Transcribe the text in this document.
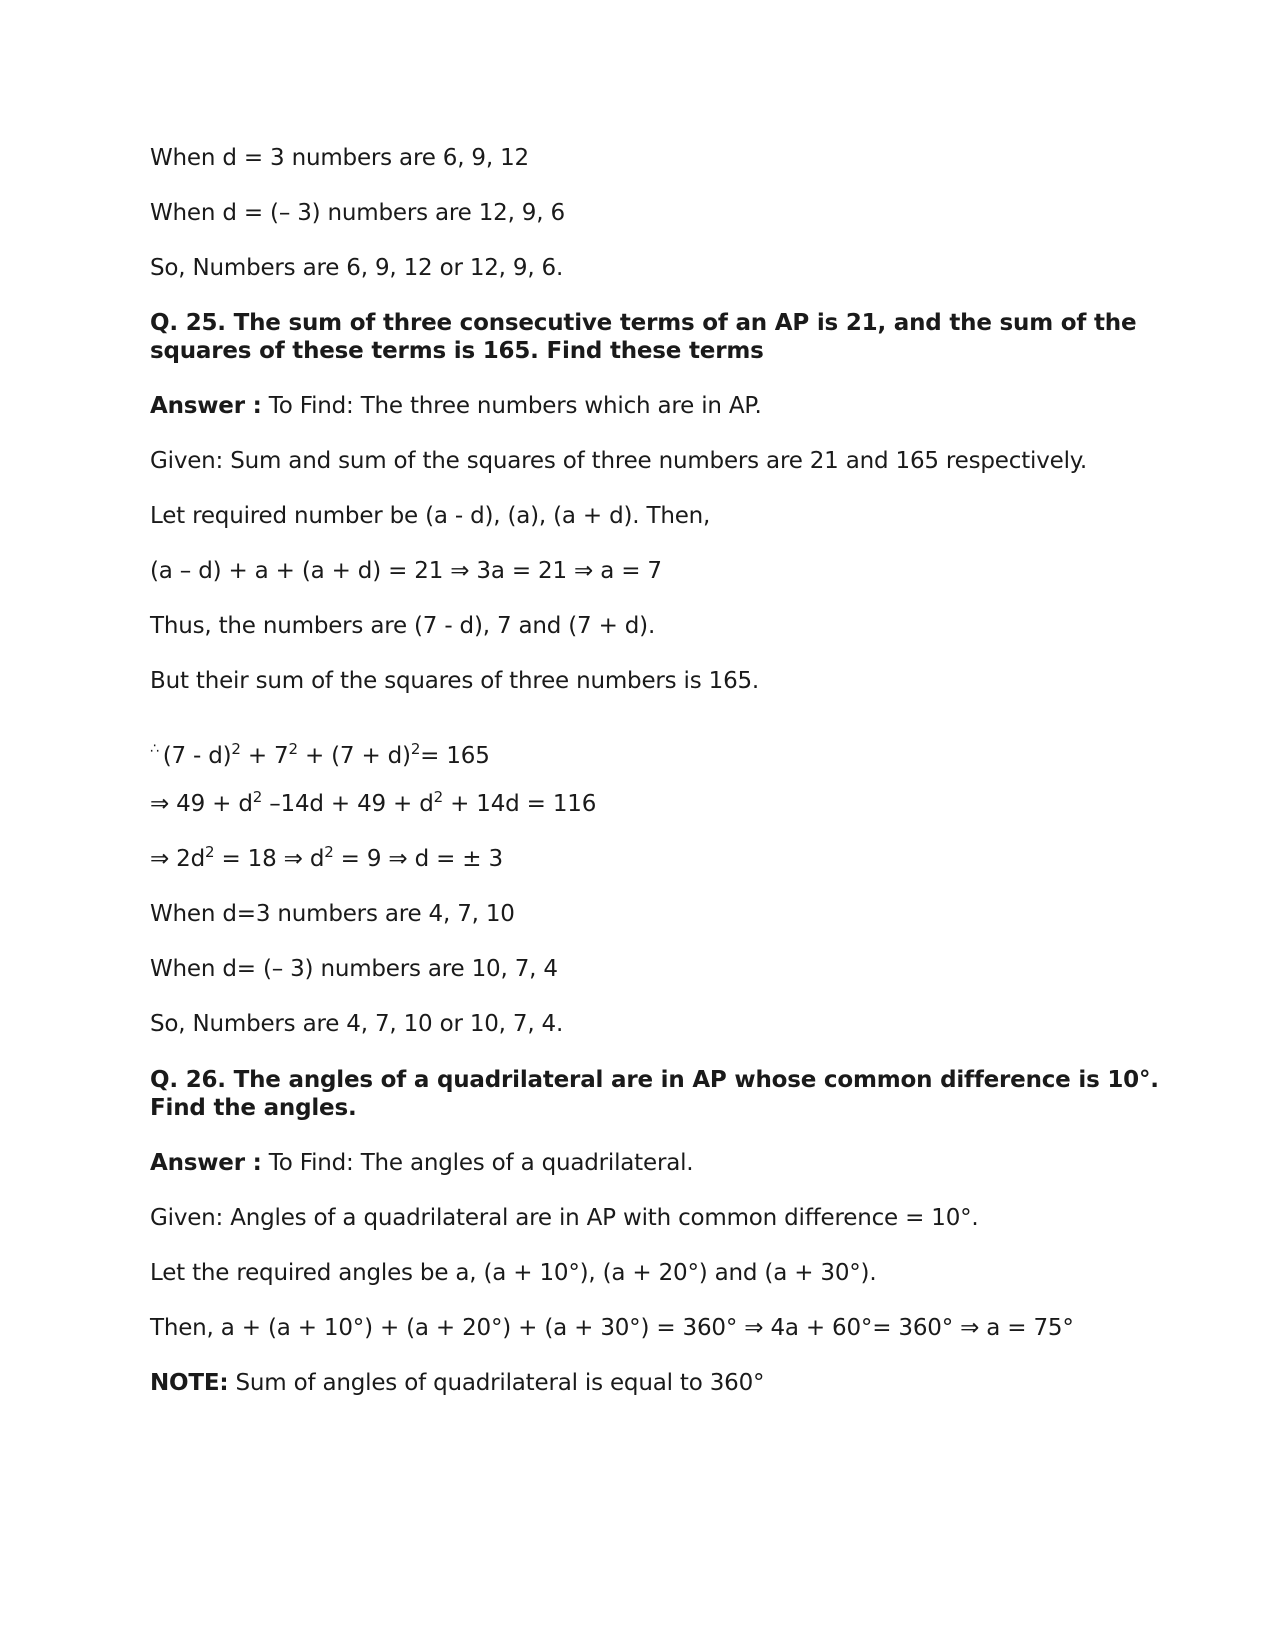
When d = 3 numbers are 6, 9, 12
When d = (– 3) numbers are 12, 9, 6
So, Numbers are 6, 9, 12 or 12, 9, 6.
Q. 25. The sum of three consecutive terms of an AP is 21, and the sum of the
squares of these terms is 165. Find these terms
Answer : To Find: The three numbers which are in AP.
Given: Sum and sum of the squares of three numbers are 21 and 165 respectively.
Let required number be (a - d), (a), (a + d). Then,
(a – d) + a + (a + d) = 21 ⇒ 3a = 21 ⇒ a = 7
Thus, the numbers are (7 - d), 7 and (7 + d).
But their sum of the squares of three numbers is 165.
∴ $(7 - d)^2 + 7^2 + (7 + d)^2= 165$
⇒ $49 + d^2$ $-14d + 49 + d^2 + 14d = 116$
⇒ $2d^2 = 18$ ⇒ $d^2 = 9$ ⇒ d = ± 3
When d=3 numbers are 4, 7, 10
When d= (– 3) numbers are 10, 7, 4
So, Numbers are 4, 7, 10 or 10, 7, 4.
Q. 26. The angles of a quadrilateral are in AP whose common difference is 10°.
Find the angles.
Answer : To Find: The angles of a quadrilateral.
Given: Angles of a quadrilateral are in AP with common difference = 10°.
Let the required angles be a, (a + 10°), (a + 20°) and (a + 30°).
Then, a + (a + 10°) + (a + 20°) + (a + 30°) = 360° ⇒ 4a + 60°= 360° ⇒ a = 75°
NOTE: Sum of angles of quadrilateral is equal to 360°
